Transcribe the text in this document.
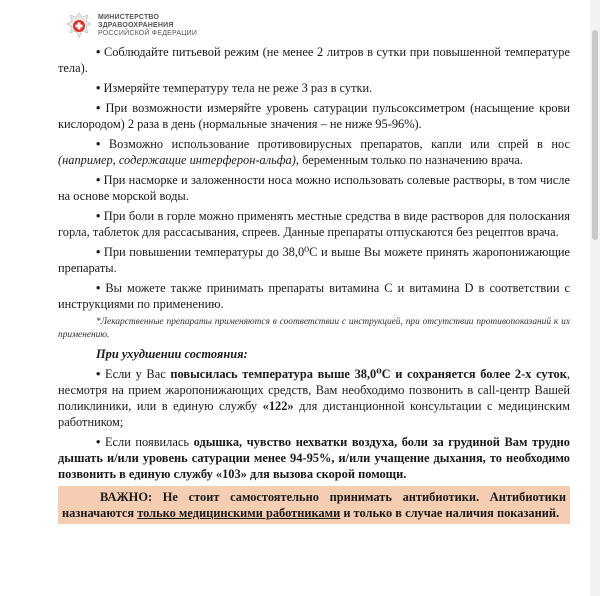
МИНИСТЕРСТВО
ЗДРАВООХРАНЕНИЯ
РОССИЙСКОЙ ФЕДЕРАЦИИ

• Соблюдайте питьевой режим (не менее 2 литров в сутки при повышенной температуре тела).

• Измеряйте температуру тела не реже 3 раз в сутки.

• При возможности измеряйте уровень сатурации пульсоксиметром (насыщение крови кислородом) 2 раза в день (нормальные значения – не ниже 95-96%).

• Возможно использование противовирусных препаратов, капли или спрей в нос (например, содержащие интерферон-альфа), беременным только по назначению врача.

• При насморке и заложенности носа можно использовать солевые растворы, в том числе на основе морской воды.

• При боли в горле можно применять местные средства в виде растворов для полоскания горла, таблеток для рассасывания, спреев. Данные препараты отпускаются без рецептов врача.

• При повышении температуры до 38,0⁰С и выше Вы можете принять жаропонижающие препараты.

• Вы можете также принимать препараты витамина С и витамина D в соответствии с инструкциями по применению.

*Лекарственные препараты применяются в соответствии с инструкцией, при отсутствии противопоказаний к их применению.

При ухудшении состояния:

• Если у Вас повысилась температура выше 38,0⁰С и сохраняется более 2-х суток, несмотря на прием жаропонижающих средств, Вам необходимо позвонить в call-центр Вашей поликлиники, или в единую службу «122» для дистанционной консультации с медицинским работником;

• Если появилась одышка, чувство нехватки воздуха, боли за грудиной Вам трудно дышать и/или уровень сатурации менее 94-95%, и/или учащение дыхания, то необходимо позвонить в единую службу «103» для вызова скорой помощи.

ВАЖНО: Не стоит самостоятельно принимать антибиотики. Антибиотики назначаются только медицинскими работниками и только в случае наличия показаний.
